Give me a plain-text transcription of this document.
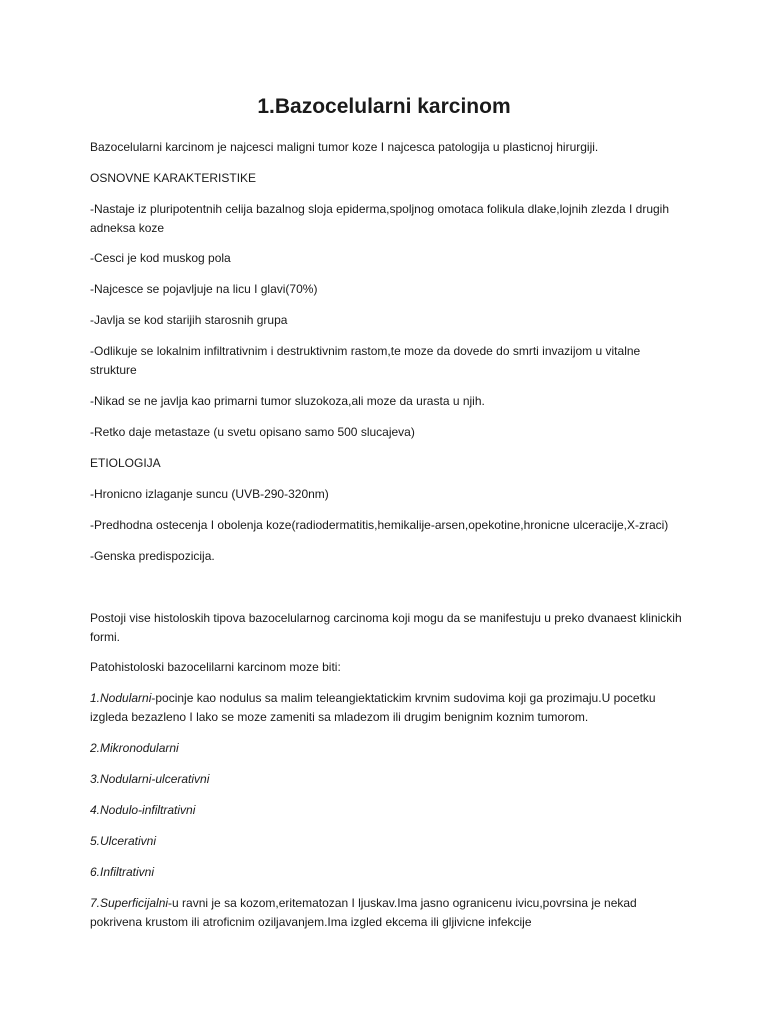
1.Bazocelularni karcinom

Bazocelularni karcinom je najcesci maligni tumor koze I najcesca patologija u plasticnoj hirurgiji.

OSNOVNE KARAKTERISTIKE

-Nastaje iz pluripotentnih celija bazalnog sloja epiderma,spoljnog omotaca folikula dlake,lojnih zlezda I drugih adneksa koze

-Cesci je kod muskog pola

-Najcesce se pojavljuje na licu I glavi(70%)

-Javlja se kod starijih starosnih grupa

-Odlikuje se lokalnim infiltrativnim i destruktivnim rastom,te moze da dovede do smrti invazijom u vitalne strukture

-Nikad se ne javlja kao primarni tumor sluzokoza,ali moze da urasta u njih.

-Retko daje metastaze (u svetu opisano samo 500 slucajeva)

ETIOLOGIJA

-Hronicno izlaganje suncu (UVB-290-320nm)

-Predhodna ostecenja I obolenja koze(radiodermatitis,hemikalije-arsen,opekotine,hronicne ulceracije,X-zraci)

-Genska predispozicija.

Postoji vise histoloskih tipova bazocelularnog carcinoma koji mogu da se manifestuju u preko dvanaest klinickih formi.

Patohistoloski bazocelilarni karcinom moze biti:

1.Nodularni-pocinje kao nodulus sa malim teleangiektatickim krvnim sudovima koji ga prozimaju.U pocetku izgleda bezazleno I lako se moze zameniti sa mladezom ili drugim benignim koznim tumorom.

2.Mikronodularni

3.Nodularni-ulcerativni

4.Nodulo-infiltrativni

5.Ulcerativni

6.Infiltrativni

7.Superficijalni-u ravni je sa kozom,eritematozan I ljuskav.Ima jasno ogranicenu ivicu,povrsina je nekad pokrivena krustom ili atroficnim oziljavanjem.Ima izgled ekcema ili gljivicne infekcije
